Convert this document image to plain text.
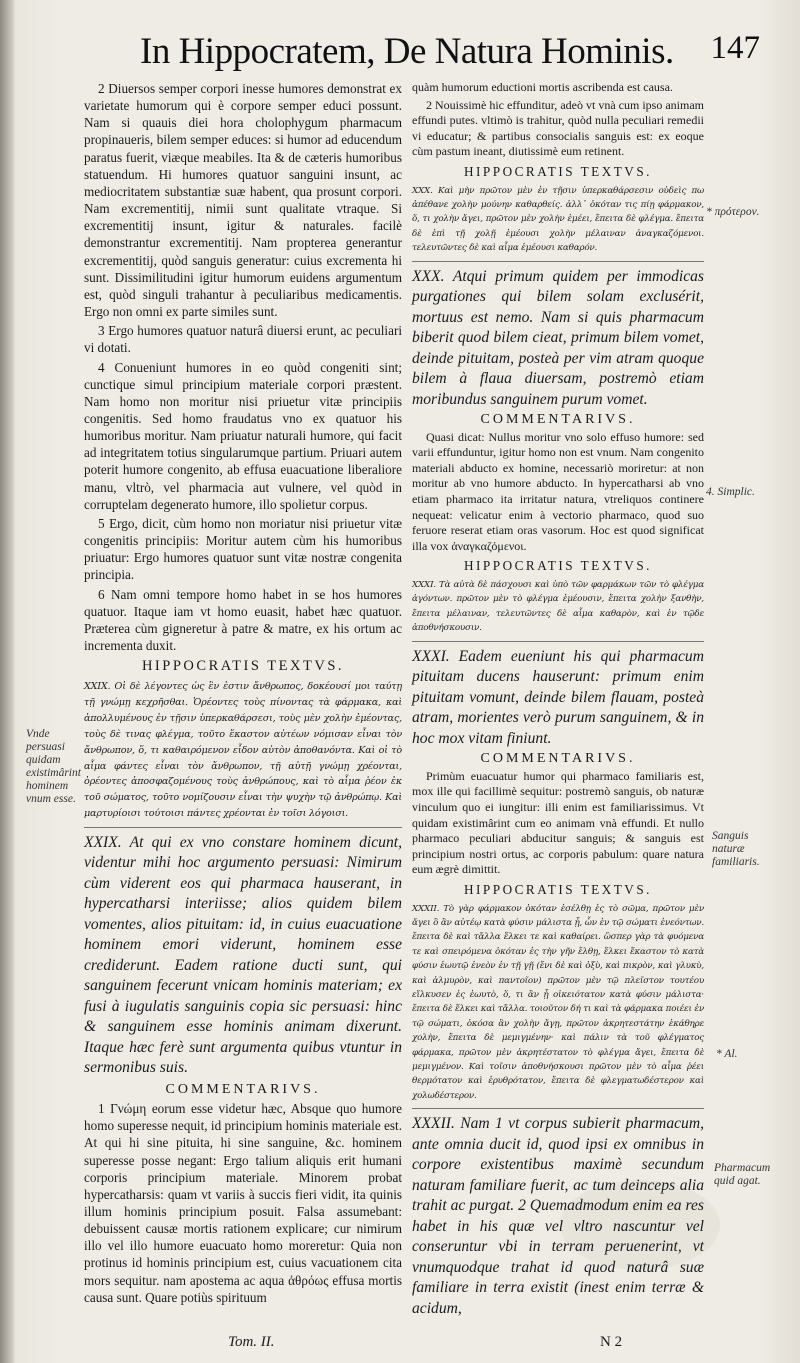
In Hippocratem, De Natura Hominis. 147

2 Diuersos semper corpori inesse humores demonstrat ex varietate humorum qui è corpore semper educi possunt. Nam si quauis diei hora cholophygum pharmacum propinaueris, bilem semper educes: si humor ad educendum paratus fuerit, viæque meabiles. Ita & de cæteris humoribus statuendum. Hi humores quatuor sanguini insunt, ac mediocritatem substantiæ suæ habent, qua prosunt corpori. Nam excrementitij, nimii sunt qualitate vtraque. Si excrementitij insunt, igitur & naturales. facilè demonstrantur excrementitij. Nam propterea generantur excrementitij, quòd sanguis generatur: cuius excrementa hi sunt. Dissimilitudini igitur humorum euidens argumentum est, quòd singuli trahantur à peculiaribus medicamentis. Ergo non omni ex parte similes sunt.

3 Ergo humores quatuor naturâ diuersi erunt, ac peculiari vi dotati.

4 Conueniunt humores in eo quòd congeniti sint; cunctique simul principium materiale corpori præstent. Nam homo non moritur nisi priuetur vitæ principiis congenitis. Sed homo fraudatus vno ex quatuor his humoribus moritur. Nam priuatur naturali humore, qui facit ad integritatem totius singularumque partium. Priuari autem poterit humore congenito, ab effusa euacuatione liberaliore manu, vltrò, vel pharmacia aut vulnere, vel quòd in corruptelam degenerato humore, illo spolietur corpus.

5 Ergo, dicit, cùm homo non moriatur nisi priuetur vitæ congenitis principiis: Moritur autem cùm his humoribus priuatur: Ergo humores quatuor sunt vitæ nostræ congenita principia.

6 Nam omni tempore homo habet in se hos humores quatuor. Itaque iam vt homo euasit, habet hæc quatuor. Præterea cùm gigneretur à patre & matre, ex his ortum ac incrementa duxit.

HIPPOCRATIS TEXTVS.

XXIX. Οἱ δὲ λέγοντες ὡς ἓν ἐστιν ἄνθρωπος, δοκέουσί μοι ταύτῃ τῇ γνώμῃ κεχρῆσθαι. Ὁρέοντες τοὺς πίνοντας τὰ φάρμακα, καὶ ἀπολλυμένους ἐν τῇσιν ὑπερκαθάρσεσι, τοὺς μὲν χολὴν ἐμέοντας, τοὺς δὲ τινας φλέγμα, τοῦτο ἕκαστον αὐτέων νόμισαν εἶναι τὸν ἄνθρωπον, ὅ, τι καθαιρόμενον εἶδον αὐτὸν ἀποθανόντα. Καὶ οἱ τὸ αἷμα φάντες εἶναι τὸν ἄνθρωπον, τῇ αὐτῇ γνώμῃ χρέονται, ὁρέοντες ἀποσφαζομένους τοὺς ἀνθρώπους, καὶ τὸ αἷμα ῥέον ἐκ τοῦ σώματος, τοῦτο νομίζουσιν εἶναι τὴν ψυχὴν τῷ ἀνθρώπῳ. Καὶ μαρτυρίοισι τούτοισι πάντες χρέονται ἐν τοῖσι λόγοισι.

XXIX. At qui ex vno constare hominem dicunt, videntur mihi hoc argumento persuasi: Nimirum cùm viderent eos qui pharmaca hauserant, in hypercatharsi interiisse; alios quidem bilem vomentes, alios pituitam: id, in cuius euacuatione hominem emori viderunt, hominem esse crediderunt. Eadem ratione ducti sunt, qui sanguinem fecerunt vnicam hominis materiam; ex fusi à iugulatis sanguinis copia sic persuasi: hinc & sanguinem esse hominis animam dixerunt. Itaque hæc ferè sunt argumenta quibus vtuntur in sermonibus suis.

COMMENTARIVS.

1 Γνώμη eorum esse videtur hæc, Absque quo humore homo superesse nequit, id principium hominis materiale est. At qui hi sine pituita, hi sine sanguine, &c. hominem superesse posse negant: Ergo talium aliquis erit humani corporis principium materiale. Minorem probat hypercatharsis: quam vt variis à succis fieri vidit, ita quinis illum hominis principium posuit. Falsa assumebant: debuissent causæ mortis rationem explicare; cur nimirum illo vel illo humore euacuato homo moreretur: Quia non protinus id hominis principium est, cuius vacuationem cita mors sequitur. nam apostema ac aqua ἀθρόως effusa mortis causa sunt. Quare potiùs spirituum

quàm humorum eductioni mortis ascribenda est causa.

2 Nouissimè hic effunditur, adeò vt vnà cum ipso animam effundi putes. vltimò is trahitur, quòd nulla peculiari remedii vi educatur; & partibus consocialis sanguis est: ex eoque cùm pastum ineant, diutissimè eum retinent.

HIPPOCRATIS TEXTVS.

XXX. Καὶ μὴν πρῶτον μὲν ἐν τῇσιν ὑπερκαθάρσεσιν οὐδεὶς πω ἀπέθανε χολὴν μούνην καθαρθείς. ἀλλ᾽ ὁκόταν τις πίῃ φάρμακον, ὅ, τι χολὴν ἄγει, πρῶτον μὲν χολὴν ἐμέει, ἔπειτα δὲ φλέγμα. ἔπειτα δὲ ἐπὶ τῇ χολῇ ἐμέουσι χολὴν μέλαιναν ἀναγκαζόμενοι. τελευτῶντες δὲ καὶ αἷμα ἐμέουσι καθαρόν.

XXX. Atqui primum quidem per immodicas purgationes qui bilem solam exclusérit, mortuus est nemo. Nam si quis pharmacum biberit quod bilem cieat, primum bilem vomet, deinde pituitam, posteà per vim atram quoque bilem à flaua diuersam, postremò etiam moribundus sanguinem purum vomet.

COMMENTARIVS.

Quasi dicat: Nullus moritur vno solo effuso humore: sed varii effunduntur, igitur homo non est vnum. Nam congenito materiali abducto ex homine, necessariò moriretur: at non moritur ab vno humore abducto. In hypercatharsi ab vno etiam pharmaco ita irritatur natura, vtreliquos continere nequeat: velicatur enim à vectorio pharmaco, quod suo feruore reserat etiam oras vasorum. Hoc est quod significat illa vox ἀναγκαζόμενοι.

HIPPOCRATIS TEXTVS.

XXXI. Τὰ αὐτὰ δὲ πάσχουσι καὶ ὑπὸ τῶν φαρμάκων τῶν τὸ φλέγμα ἀγόντων. πρῶτον μὲν τὸ φλέγμα ἐμέουσιν, ἔπειτα χολὴν ξανθὴν, ἔπειτα μέλαιναν, τελευτῶντες δὲ αἷμα καθαρὸν, καὶ ἐν τῷδε ἀποθνήσκουσιν.

XXXI. Eadem eueniunt his qui pharmacum pituitam ducens hauserunt: primum enim pituitam vomunt, deinde bilem flauam, posteà atram, morientes verò purum sanguinem, & in hoc mox vitam finiunt.

COMMENTARIVS.

Primùm euacuatur humor qui pharmaco familiaris est, mox ille qui facillimè sequitur: postremò sanguis, ob naturæ vinculum quo ei iungitur: illi enim est familiarissimus. Vt quidam existimârint cum eo animam vnà effundi. Et nullo pharmaco peculiari abducitur sanguis; & sanguis est principium nostri ortus, ac corporis pabulum: quare natura eum ægrè dimittit.

HIPPOCRATIS TEXTVS.

XXXII. Τὸ γὰρ φάρμακον ὁκόταν ἐσέλθῃ ἐς τὸ σῶμα, πρῶτον μὲν ἄγει ὃ ἂν αὐτέῳ κατὰ φύσιν μάλιστα ᾖ, ὧν ἐν τῷ σώματι ἐνεόντων. ἔπειτα δὲ καὶ τἄλλα ἕλκει τε καὶ καθαίρει. ὥσπερ γὰρ τὰ φυόμενα τε καὶ σπειρόμενα ὁκόταν ἐς τὴν γῆν ἔλθῃ, ἕλκει ἕκαστον τὸ κατὰ φύσιν ἑωυτῷ ἐνεὸν ἐν τῇ γῇ (ἔνι δὲ καὶ ὀξὺ, καὶ πικρὸν, καὶ γλυκὺ, καὶ ἁλμυρὸν, καὶ παντοῖον) πρῶτον μὲν τῷ πλεῖστον τουτέου εἵλκυσεν ἐς ἑωυτὸ, ὅ, τι ἂν ᾖ οἰκειότατον κατὰ φύσιν μάλιστα· ἔπειτα δὲ ἕλκει καὶ τἄλλα. τοιοῦτον δή τι καὶ τὰ φάρμακα ποιέει ἐν τῷ σώματι, ὁκόσα ἂν χολὴν ἄγῃ, πρῶτον ἀκρητεστάτην ἐκάθηρε χολὴν, ἔπειτα δὲ μεμιγμένην· καὶ πάλιν τὰ τοῦ φλέγματος φάρμακα, πρῶτον μὲν ἀκρητέστατον τὸ φλέγμα ἄγει, ἔπειτα δὲ μεμιγμένον. Καὶ τοῖσιν ἀποθνήσκουσι πρῶτον μὲν τὸ αἷμα ῥέει θερμότατον καὶ ἐρυθρότατον, ἔπειτα δὲ φλεγματωδέστερον καὶ χολωδέστερον.

XXXII. Nam 1 vt corpus subierit pharmacum, ante omnia ducit id, quod ipsi ex omnibus in corpore existentibus maximè secundum naturam familiare fuerit, ac tum deinceps alia trahit ac purgat. 2 Quemadmodum enim ea res habet in his quæ vel vltro nascuntur vel conseruntur vbi in terram peruenerint, vt vnumquodque trahat id quod naturâ suæ familiare in terra existit (inest enim terræ & acidum,

Vnde persuasi quidam existimârint hominem vnum esse.
* πρότερον.
4. Simplic.
Sanguis naturæ familiaris.
* Al.
Pharmacum quid agat.
Tom. II.	N 2
